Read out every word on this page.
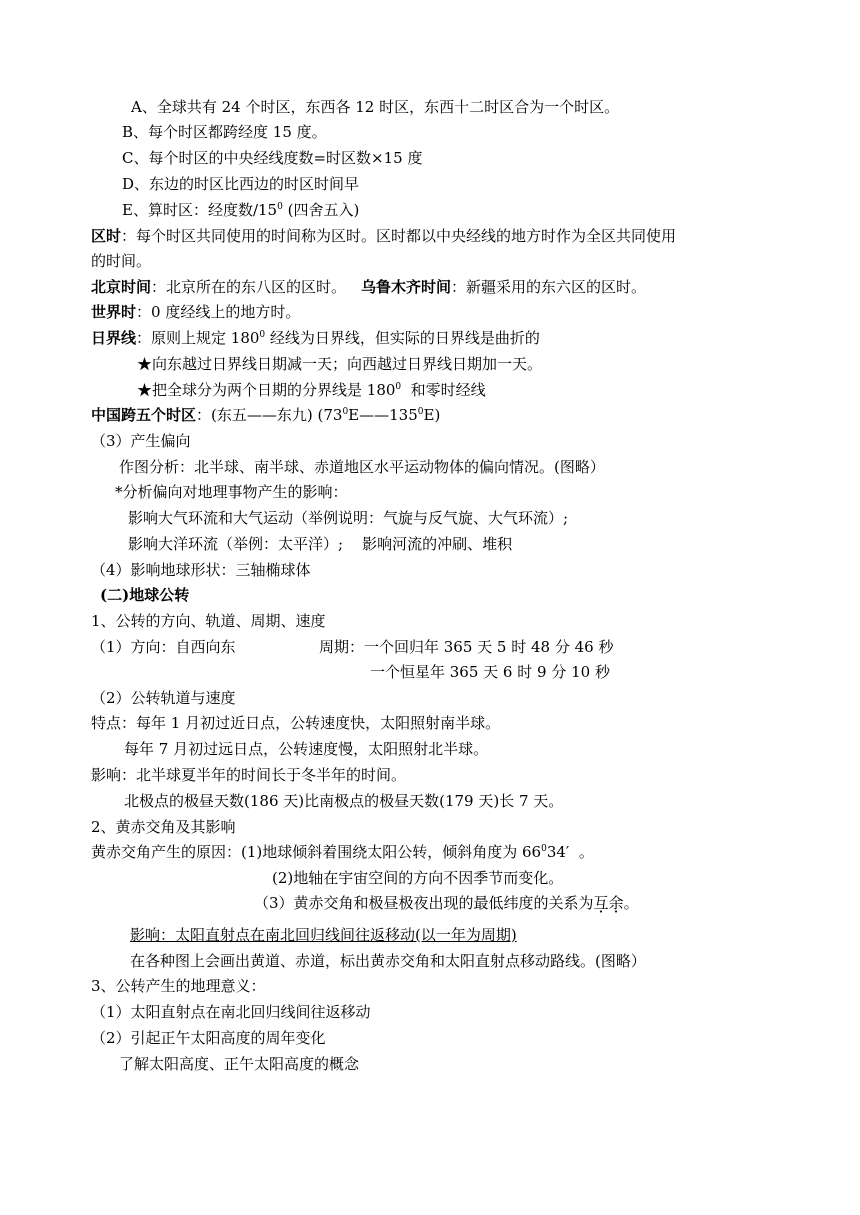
A、全球共有 24 个时区，东西各 12 时区，东西十二时区合为一个时区。
B、每个时区都跨经度 15 度。
C、每个时区的中央经线度数=时区数×15 度
D、东边的时区比西边的时区时间早
E、算时区：经度数$/15^0$ (四舍五入)
区时：每个时区共同使用的时间称为区时。区时都以中央经线的地方时作为全区共同使用
的时间。
北京时间：北京所在的东八区的区时。 乌鲁木齐时间：新疆采用的东六区的区时。
世界时：0 度经线上的地方时。
日界线：原则上规定 $180^0$ 经线为日界线，但实际的日界线是曲折的
★向东越过日界线日期减一天；向西越过日界线日期加一天。
★把全球分为两个日期的分界线是 $180^0$  和零时经线
中国跨五个时区：(东五——东九) $(73^0E——135^0E)$
（3）产生偏向
作图分析：北半球、南半球、赤道地区水平运动物体的偏向情况。(图略）
*分析偏向对地理事物产生的影响：
影响大气环流和大气运动（举例说明：气旋与反气旋、大气环流）;
影响大洋环流（举例：太平洋）;    影响河流的冲刷、堆积
（4）影响地球形状：三轴椭球体
(二)地球公转
1、公转的方向、轨道、周期、速度
（1）方向：自西向东	周期：一个回归年 365 天 5 时 48 分 46 秒
一个恒星年 365 天 6 时 9 分 10 秒
（2）公转轨道与速度
特点：每年 1 月初过近日点，公转速度快，太阳照射南半球。
每年 7 月初过远日点，公转速度慢，太阳照射北半球。
影响：北半球夏半年的时间长于冬半年的时间。
北极点的极昼天数(186 天)比南极点的极昼天数(179 天)长 7 天。
2、黄赤交角及其影响
黄赤交角产生的原因：(1)地球倾斜着围绕太阳公转，倾斜角度为 $66^034'$  。
(2)地轴在宇宙空间的方向不因季节而变化。
（3）黄赤交角和极昼极夜出现的最低纬度的关系为互余。
影响：太阳直射点在南北回归线间往返移动(以一年为周期)
在各种图上会画出黄道、赤道，标出黄赤交角和太阳直射点移动路线。(图略）
3、公转产生的地理意义：
（1）太阳直射点在南北回归线间往返移动
（2）引起正午太阳高度的周年变化
了解太阳高度、正午太阳高度的概念
